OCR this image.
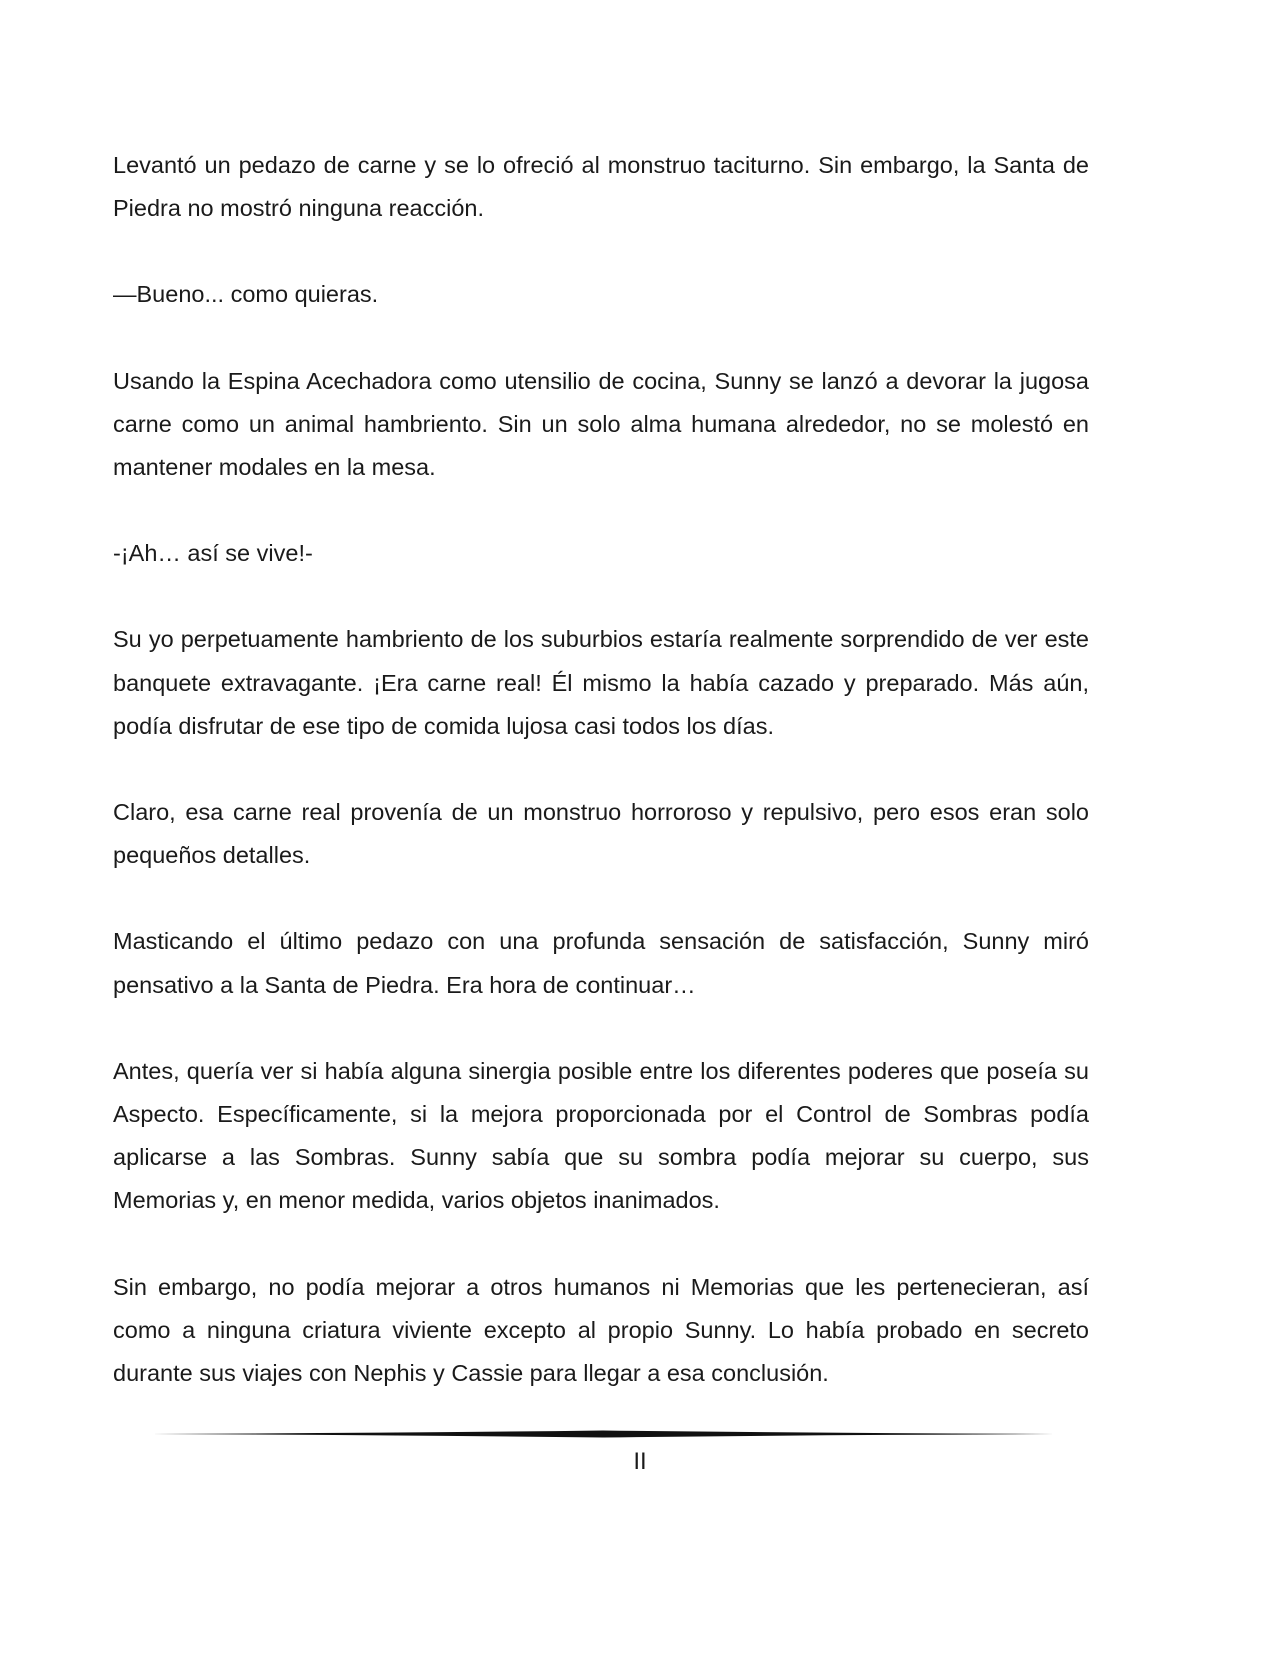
Levantó un pedazo de carne y se lo ofreció al monstruo taciturno. Sin embargo, la Santa de Piedra no mostró ninguna reacción.

—Bueno... como quieras.

Usando la Espina Acechadora como utensilio de cocina, Sunny se lanzó a devorar la jugosa carne como un animal hambriento. Sin un solo alma humana alrededor, no se molestó en mantener modales en la mesa.

-¡Ah… así se vive!-

Su yo perpetuamente hambriento de los suburbios estaría realmente sorprendido de ver este banquete extravagante. ¡Era carne real! Él mismo la había cazado y preparado. Más aún, podía disfrutar de ese tipo de comida lujosa casi todos los días.

Claro, esa carne real provenía de un monstruo horroroso y repulsivo, pero esos eran solo pequeños detalles.

Masticando el último pedazo con una profunda sensación de satisfacción, Sunny miró pensativo a la Santa de Piedra. Era hora de continuar…

Antes, quería ver si había alguna sinergia posible entre los diferentes poderes que poseía su Aspecto. Específicamente, si la mejora proporcionada por el Control de Sombras podía aplicarse a las Sombras. Sunny sabía que su sombra podía mejorar su cuerpo, sus Memorias y, en menor medida, varios objetos inanimados.

Sin embargo, no podía mejorar a otros humanos ni Memorias que les pertenecieran, así como a ninguna criatura viviente excepto al propio Sunny. Lo había probado en secreto durante sus viajes con Nephis y Cassie para llegar a esa conclusión.

II
